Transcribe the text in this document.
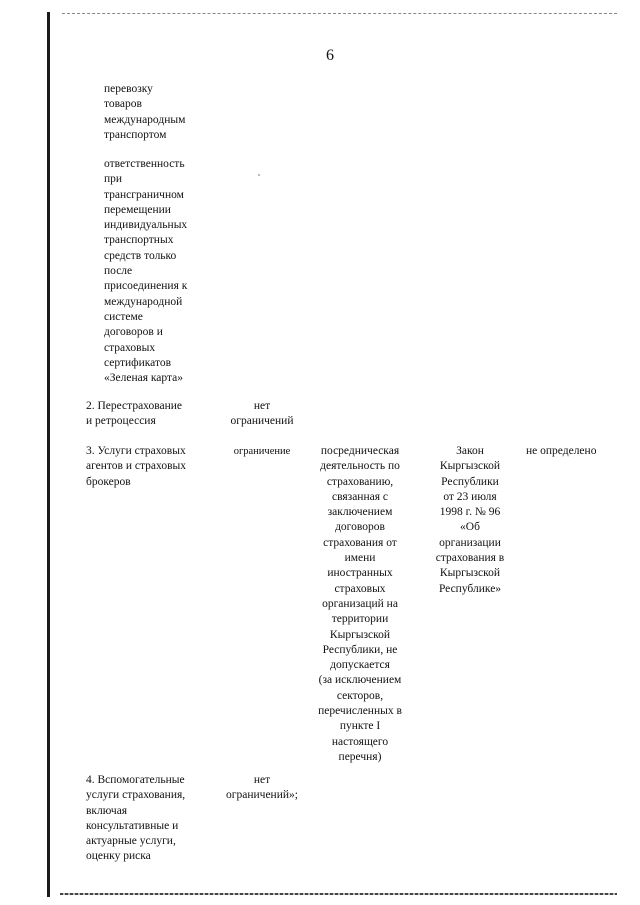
6

перевозку
товаров
международным
транспортом

ответственность
при
трансграничном
перемещении
индивидуальных
транспортных
средств только
после
присоединения к
международной
системе
договоров и
страховых
сертификатов
«Зеленая карта»

2. Перестрахование
и ретроцессия

нет
ограничений

3. Услуги страховых
агентов и страховых
брокеров

ограничение	посредническая
деятельность по
страхованию,
связанная с
заключением
договоров
страхования от
имени
иностранных
страховых
организаций на
территории
Кыргызской
Республики, не
допускается
(за исключением
секторов,
перечисленных в
пункте I
настоящего
перечня)

Закон
Кыргызской
Республики
от 23 июля
1998 г. № 96
«Об
организации
страхования в
Кыргызской
Республике»

не определено

4. Вспомогательные
услуги страхования,
включая
консультативные и
актуарные услуги,
оценку риска

нет
ограничений»;
